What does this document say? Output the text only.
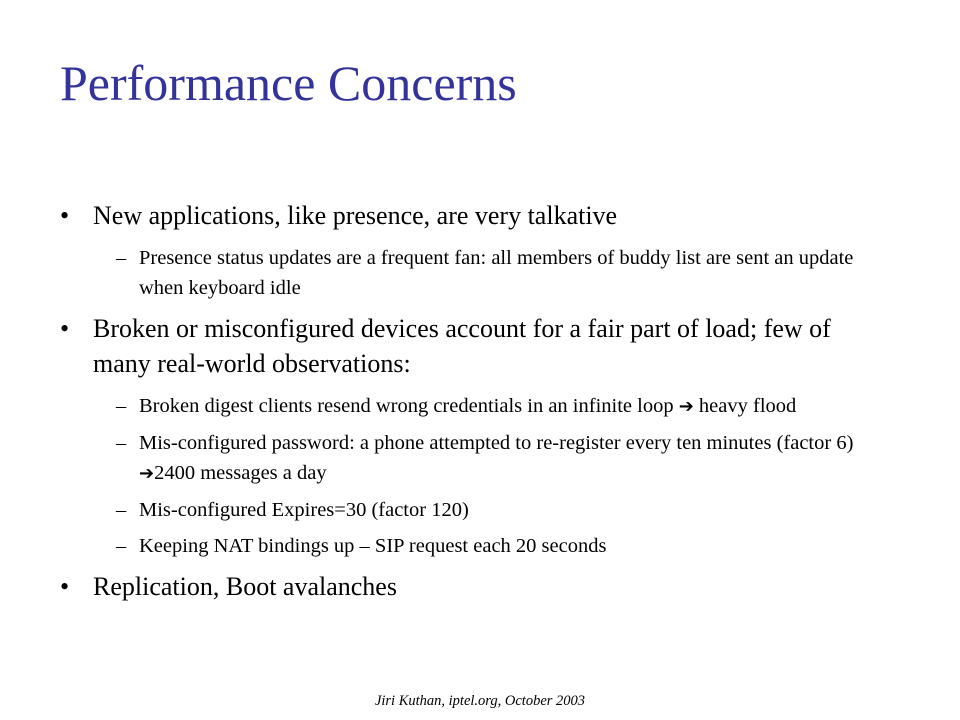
Performance Concerns
• New applications, like presence, are very talkative
– Presence status updates are a frequent fan: all members of buddy list are sent an update when keyboard idle
• Broken or misconfigured devices account for a fair part of load; few of many real-world observations:
– Broken digest clients resend wrong credentials in an infinite loop ➔ heavy flood
– Mis-configured password: a phone attempted to re-register every ten minutes (factor 6) ➔2400 messages a day
– Mis-configured Expires=30 (factor 120)
– Keeping NAT bindings up – SIP request each 20 seconds
• Replication, Boot avalanches
Jiri Kuthan, iptel.org, October 2003
